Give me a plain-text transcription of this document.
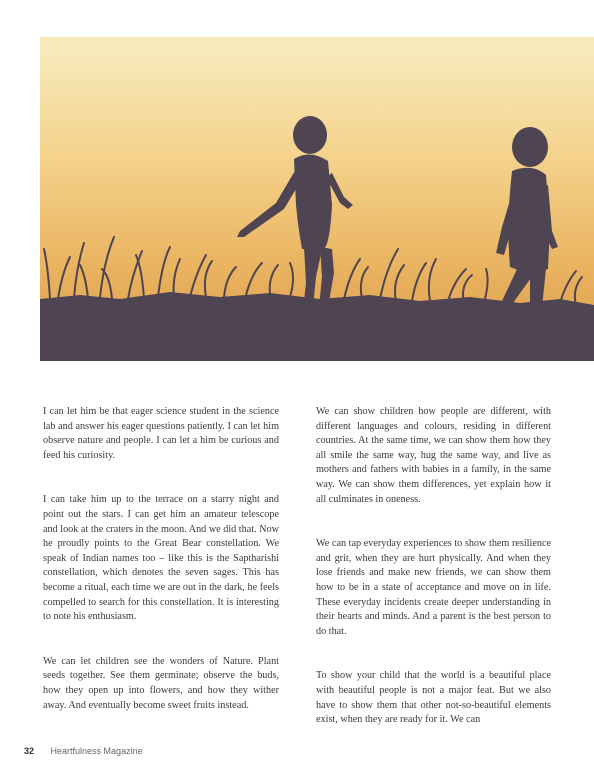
I can let him be that eager science student in the science lab and answer his eager questions patiently. I can let him observe nature and people. I can let a him be curious and feed his curiosity.

I can take him up to the terrace on a starry night and point out the stars. I can get him an amateur telescope and look at the craters in the moon. And we did that. Now he proudly points to the Great Bear constellation. We speak of Indian names too – like this is the Saptharishi constellation, which denotes the seven sages. This has become a ritual, each time we are out in the dark, he feels compelled to search for this constellation. It is interesting to note his enthusiasm.

We can let children see the wonders of Nature. Plant seeds together. See them germinate; observe the buds, how they open up into flowers, and how they wither away. And eventually become sweet fruits instead.

We can show children how people are different, with different languages and colours, residing in different countries. At the same time, we can show them how they all smile the same way, hug the same way, and live as mothers and fathers with babies in a family, in the same way. We can show them differences, yet explain how it all culminates in oneness.

We can tap everyday experiences to show them resilience and grit, when they are hurt physically. And when they lose friends and make new friends, we can show them how to be in a state of acceptance and move on in life. These everyday incidents create deeper understanding in their hearts and minds. And a parent is the best person to do that.

To show your child that the world is a beautiful place with beautiful people is not a major feat. But we also have to show them that other not-so-beautiful elements exist, when they are ready for it. We can

32 Heartfulness Magazine
